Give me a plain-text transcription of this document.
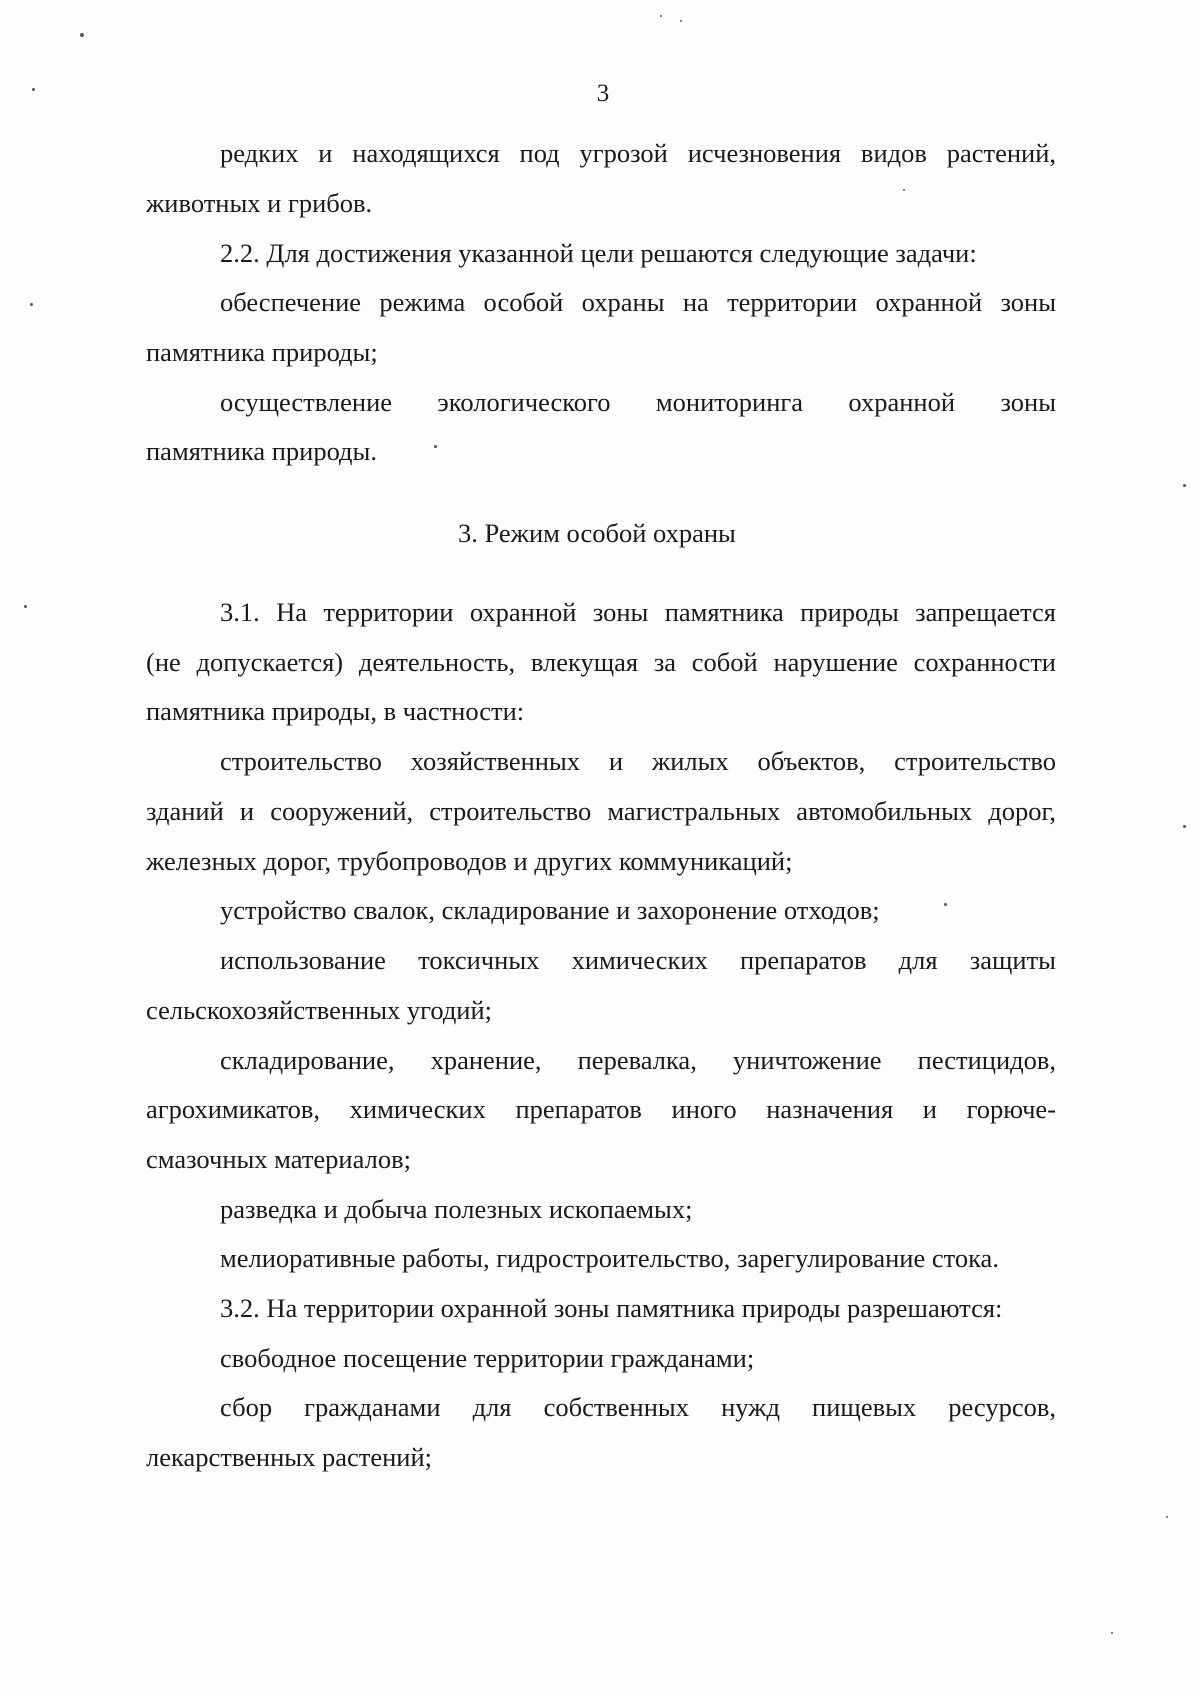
3
редких и находящихся под угрозой исчезновения видов растений,
животных и грибов.
2.2. Для достижения указанной цели решаются следующие задачи:
обеспечение режима особой охраны на территории охранной зоны
памятника природы;
осуществление экологического мониторинга охранной зоны
памятника природы.
3. Режим особой охраны
3.1. На территории охранной зоны памятника природы запрещается
(не допускается) деятельность, влекущая за собой нарушение сохранности
памятника природы, в частности:
строительство хозяйственных и жилых объектов, строительство
зданий и сооружений, строительство магистральных автомобильных дорог,
железных дорог, трубопроводов и других коммуникаций;
устройство свалок, складирование и захоронение отходов;
использование токсичных химических препаратов для защиты
сельскохозяйственных угодий;
складирование, хранение, перевалка, уничтожение пестицидов,
агрохимикатов, химических препаратов иного назначения и горюче-
смазочных материалов;
разведка и добыча полезных ископаемых;
мелиоративные работы, гидростроительство, зарегулирование стока.
3.2. На территории охранной зоны памятника природы разрешаются:
свободное посещение территории гражданами;
сбор гражданами для собственных нужд пищевых ресурсов,
лекарственных растений;
